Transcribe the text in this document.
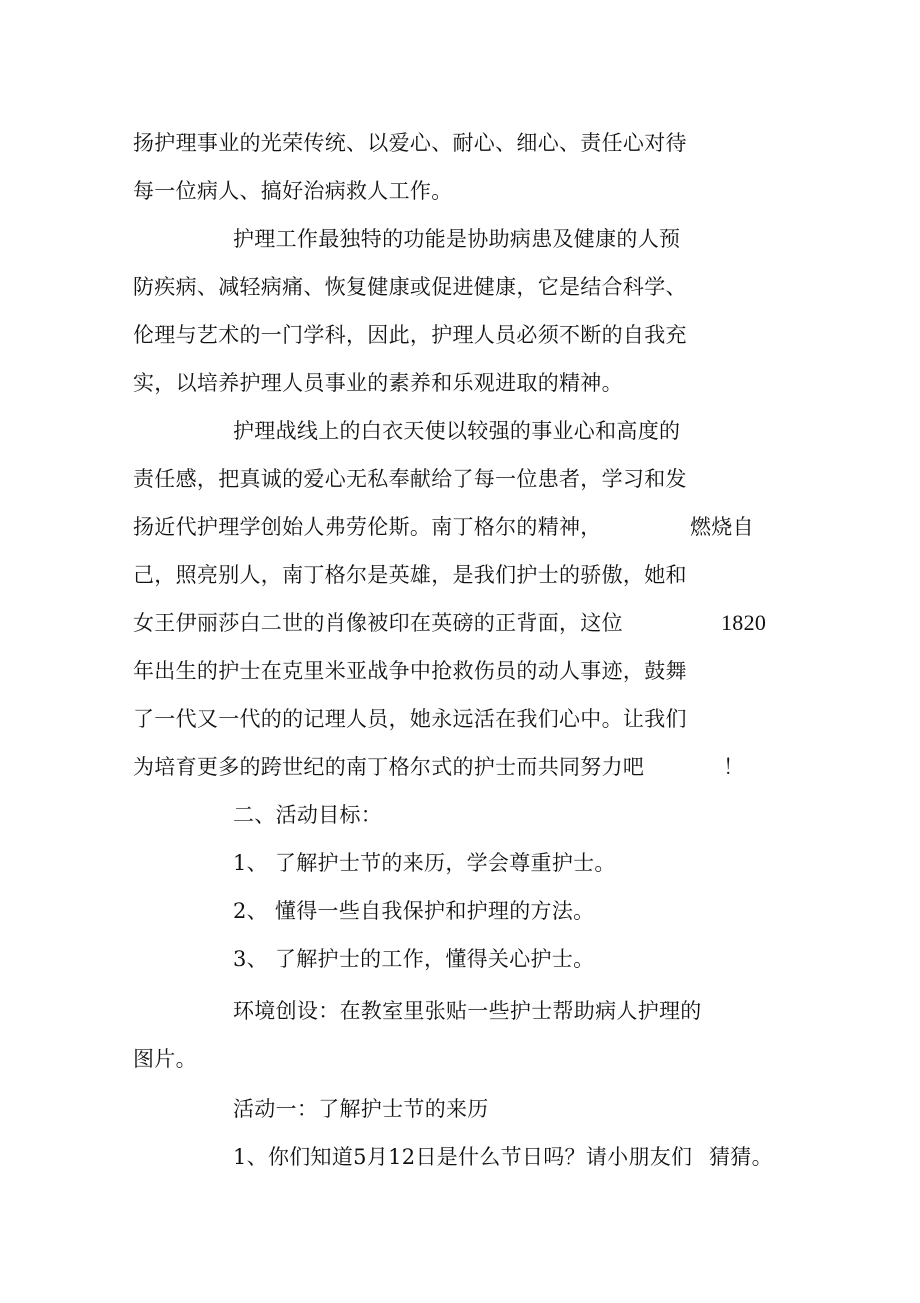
扬护理事业的光荣传统、以爱心、耐心、细心、责任心对待
每一位病人、搞好治病救人工作。
护理工作最独特的功能是协助病患及健康的人预
防疾病、减轻病痛、恢复健康或促进健康，它是结合科学、
伦理与艺术的一门学科，因此，护理人员必须不断的自我充
实，以培养护理人员事业的素养和乐观进取的精神。
护理战线上的白衣天使以较强的事业心和高度的
责任感，把真诚的爱心无私奉献给了每一位患者，学习和发
扬近代护理学创始人弗劳伦斯。南丁格尔的精神，	燃烧自
己，照亮别人，南丁格尔是英雄，是我们护士的骄傲，她和
女王伊丽莎白二世的肖像被印在英磅的正背面，这位	1820
年出生的护士在克里米亚战争中抢救伤员的动人事迹，鼓舞
了一代又一代的的记理人员，她永远活在我们心中。让我们
为培育更多的跨世纪的南丁格尔式的护士而共同努力吧	！
二、活动目标：
1、 了解护士节的来历，学会尊重护士。
2、 懂得一些自我保护和护理的方法。
3、 了解护士的工作，懂得关心护士。
环境创设：在教室里张贴一些护士帮助病人护理的
图片。
活动一：了解护士节的来历
1、你们知道5月12日是什么节日吗？请小朋友们 猜猜。
